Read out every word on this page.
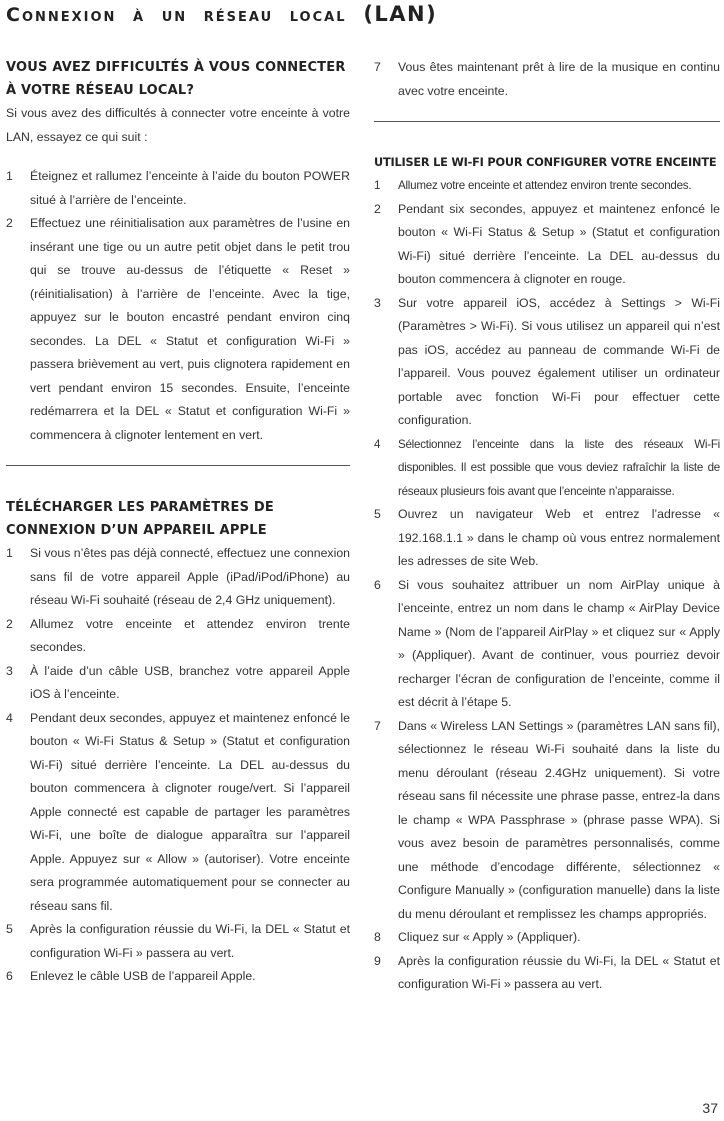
Connexion à un réseau local (LAN)
VOUS AVEZ DIFFICULTÉS À VOUS CONNECTER À VOTRE RÉSEAU LOCAL?

Si vous avez des difficultés à connecter votre enceinte à votre LAN, essayez ce qui suit :

1	Éteignez et rallumez l’enceinte à l’aide du bouton POWER situé à l’arrière de l’enceinte.
2	Effectuez une réinitialisation aux paramètres de l’usine en insérant une tige ou un autre petit objet dans le petit trou qui se trouve au-dessus de l’étiquette « Reset » (réinitialisation) à l’arrière de l’enceinte. Avec la tige, appuyez sur le bouton encastré pendant environ cinq secondes. La DEL « Statut et configuration Wi-Fi » passera brièvement au vert, puis clignotera rapidement en vert pendant environ 15 secondes. Ensuite, l’enceinte redémarrera et la DEL « Statut et configuration Wi-Fi » commencera à clignoter lentement en vert.
TÉLÉCHARGER LES PARAMÈTRES DE CONNEXION D’UN APPAREIL APPLE
1	Si vous n’êtes pas déjà connecté, effectuez une connexion sans fil de votre appareil Apple (iPad/iPod/iPhone) au réseau Wi-Fi souhaité (réseau de 2,4 GHz uniquement).
2	Allumez votre enceinte et attendez environ trente secondes.
3	À l’aide d’un câble USB, branchez votre appareil Apple iOS à l’enceinte.
4	Pendant deux secondes, appuyez et maintenez enfoncé le bouton « Wi-Fi Status & Setup » (Statut et configuration Wi-Fi) situé derrière l’enceinte. La DEL au-dessus du bouton commencera à clignoter rouge/vert. Si l’appareil Apple connecté est capable de partager les paramètres Wi-Fi, une boîte de dialogue apparaîtra sur l’appareil Apple. Appuyez sur « Allow » (autoriser). Votre enceinte sera programmée automatiquement pour se connecter au réseau sans fil.
5	Après la configuration réussie du Wi-Fi, la DEL « Statut et configuration Wi-Fi » passera au vert.
6	Enlevez le câble USB de l’appareil Apple.
7	Vous êtes maintenant prêt à lire de la musique en continu avec votre enceinte.
UTILISER LE WI-FI POUR CONFIGURER VOTRE ENCEINTE
1	Allumez votre enceinte et attendez environ trente secondes.
2	Pendant six secondes, appuyez et maintenez enfoncé le bouton « Wi-Fi Status & Setup » (Statut et configuration Wi-Fi) situé derrière l’enceinte. La DEL au-dessus du bouton commencera à clignoter en rouge.
3	Sur votre appareil iOS, accédez à Settings > Wi-Fi (Paramètres > Wi-Fi). Si vous utilisez un appareil qui n’est pas iOS, accédez au panneau de commande Wi-Fi de l’appareil. Vous pouvez également utiliser un ordinateur portable avec fonction Wi-Fi pour effectuer cette configuration.
4	Sélectionnez l’enceinte dans la liste des réseaux Wi-Fi disponibles. Il est possible que vous deviez rafraîchir la liste de réseaux plusieurs fois avant que l’enceinte n’apparaisse.
5	Ouvrez un navigateur Web et entrez l’adresse « 192.168.1.1 » dans le champ où vous entrez normalement les adresses de site Web.
6	Si vous souhaitez attribuer un nom AirPlay unique à l’enceinte, entrez un nom dans le champ « AirPlay Device Name » (Nom de l’appareil AirPlay » et cliquez sur « Apply » (Appliquer). Avant de continuer, vous pourriez devoir recharger l’écran de configuration de l’enceinte, comme il est décrit à l’étape 5.
7	Dans « Wireless LAN Settings » (paramètres LAN sans fil), sélectionnez le réseau Wi-Fi souhaité dans la liste du menu déroulant (réseau 2.4GHz uniquement). Si votre réseau sans fil nécessite une phrase passe, entrez-la dans le champ « WPA Passphrase » (phrase passe WPA). Si vous avez besoin de paramètres personnalisés, comme une méthode d’encodage différente, sélectionnez « Configure Manually » (configuration manuelle) dans la liste du menu déroulant et remplissez les champs appropriés.
8	Cliquez sur « Apply » (Appliquer).
9	Après la configuration réussie du Wi-Fi, la DEL « Statut et configuration Wi-Fi » passera au vert.

37
